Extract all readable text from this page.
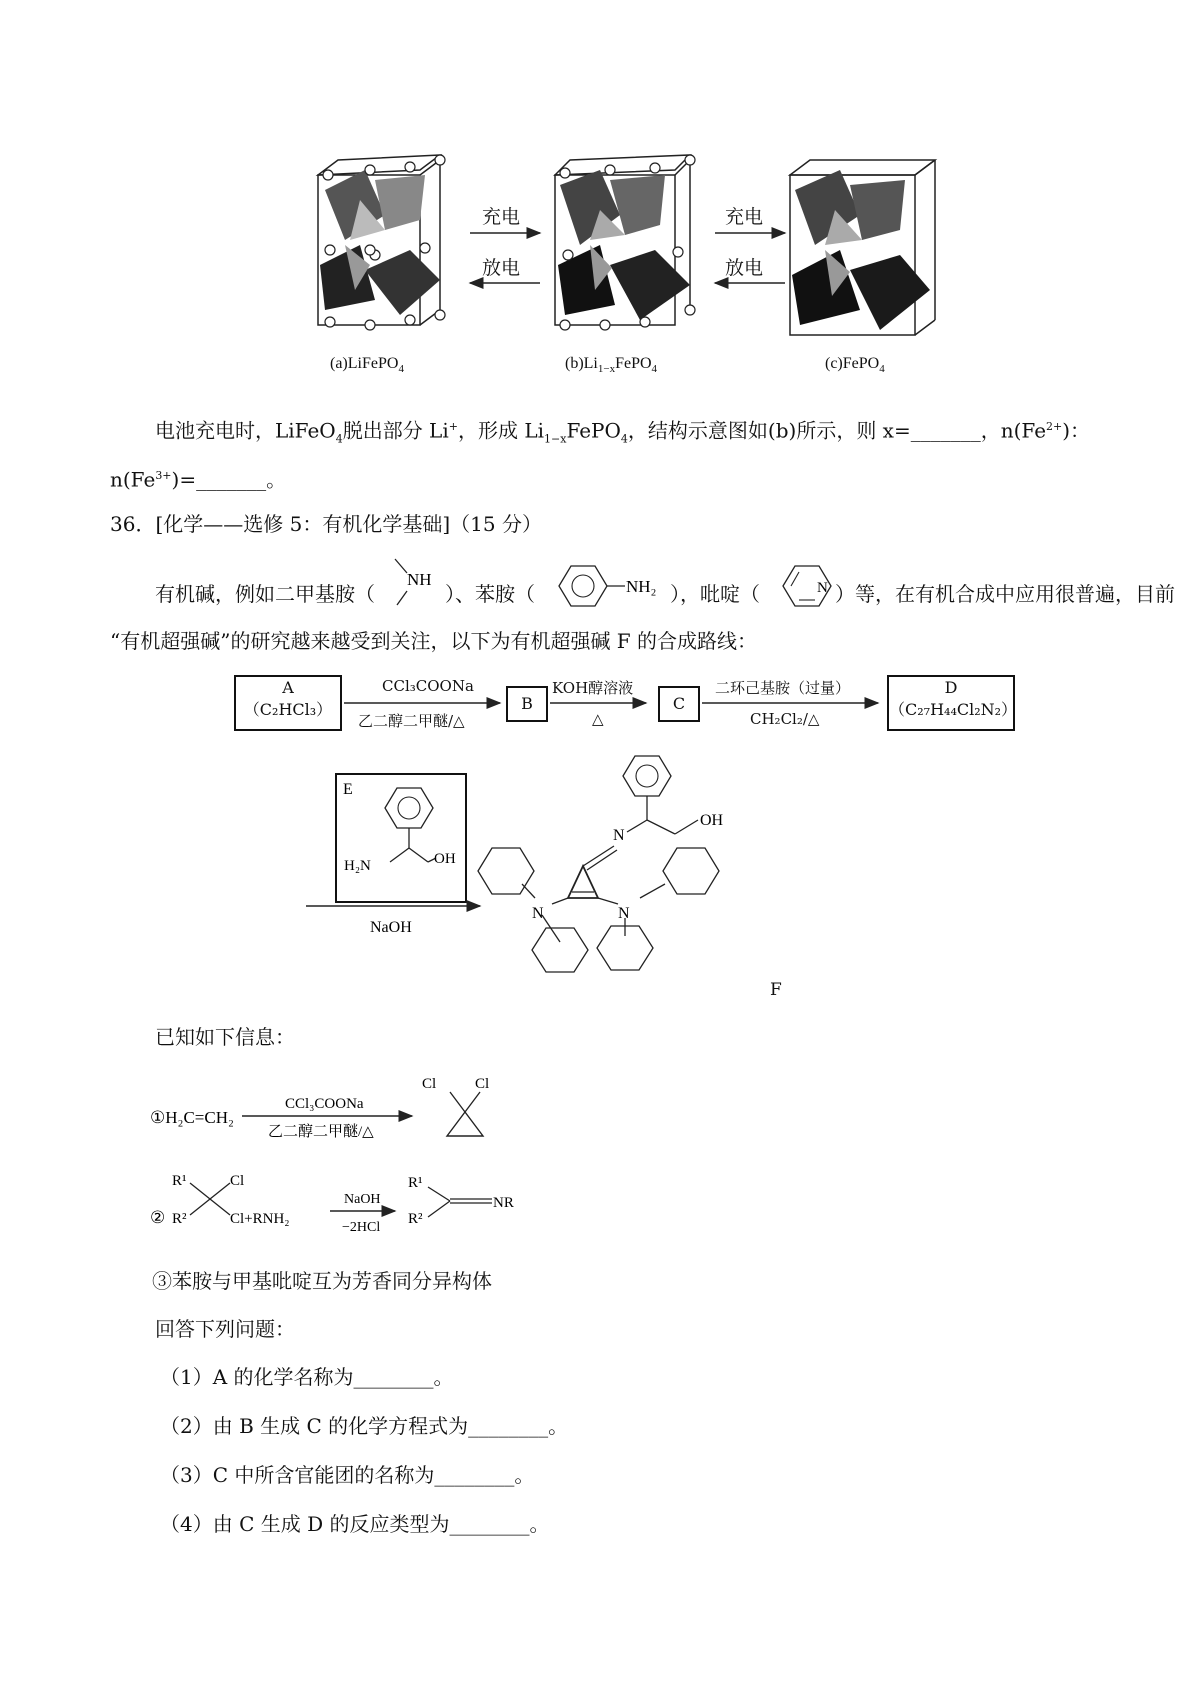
充电
放电
充电
放电
(a)LiFePO$_4$	$(b)Li_{1-x}FePO_4$	(c)FePO$_4$
电池充电时，LiFeO$_4$脱出部分 Li+，形成 $Li_{1-x}FePO_4$，结构示意图如(b)所示，则 x=_______，$n(Fe^{2+})$：
$n(Fe^{3+})=\_\_\_\_\_\_\_$。
36．[化学——选修 5：有机化学基础]（15 分）
有机碱，例如二甲基胺（
NH
）、苯胺（	NH₂ ），吡啶（	N ）等，在有机合成中应用很普遍，目前
“有机超强碱”的研究越来越受到关注，以下为有机超强碱 F 的合成路线：
A
（C₂HCl₃）
CCl₃COONa
乙二醇二甲醚/△
B
KOH醇溶液
△
C
二环己基胺（过量）
CH₂Cl₂/△
D
（C₂₇H₄₄Cl₂N₂）
E
H₂N	OH
NaOH
OH
N
N	N
F
已知如下信息：
①H₂C=CH₂
CCl₃COONa
乙二醇二甲醚/△
Cl	Cl
②
R¹
R²
Cl
Cl+RNH₂
NaOH
−2HCl
R¹
R²
NR
③苯胺与甲基吡啶互为芳香同分异构体
回答下列问题：
（1）A 的化学名称为________。
（2）由 B 生成 C 的化学方程式为________。
（3）C 中所含官能团的名称为________。
（4）由 C 生成 D 的反应类型为________。
